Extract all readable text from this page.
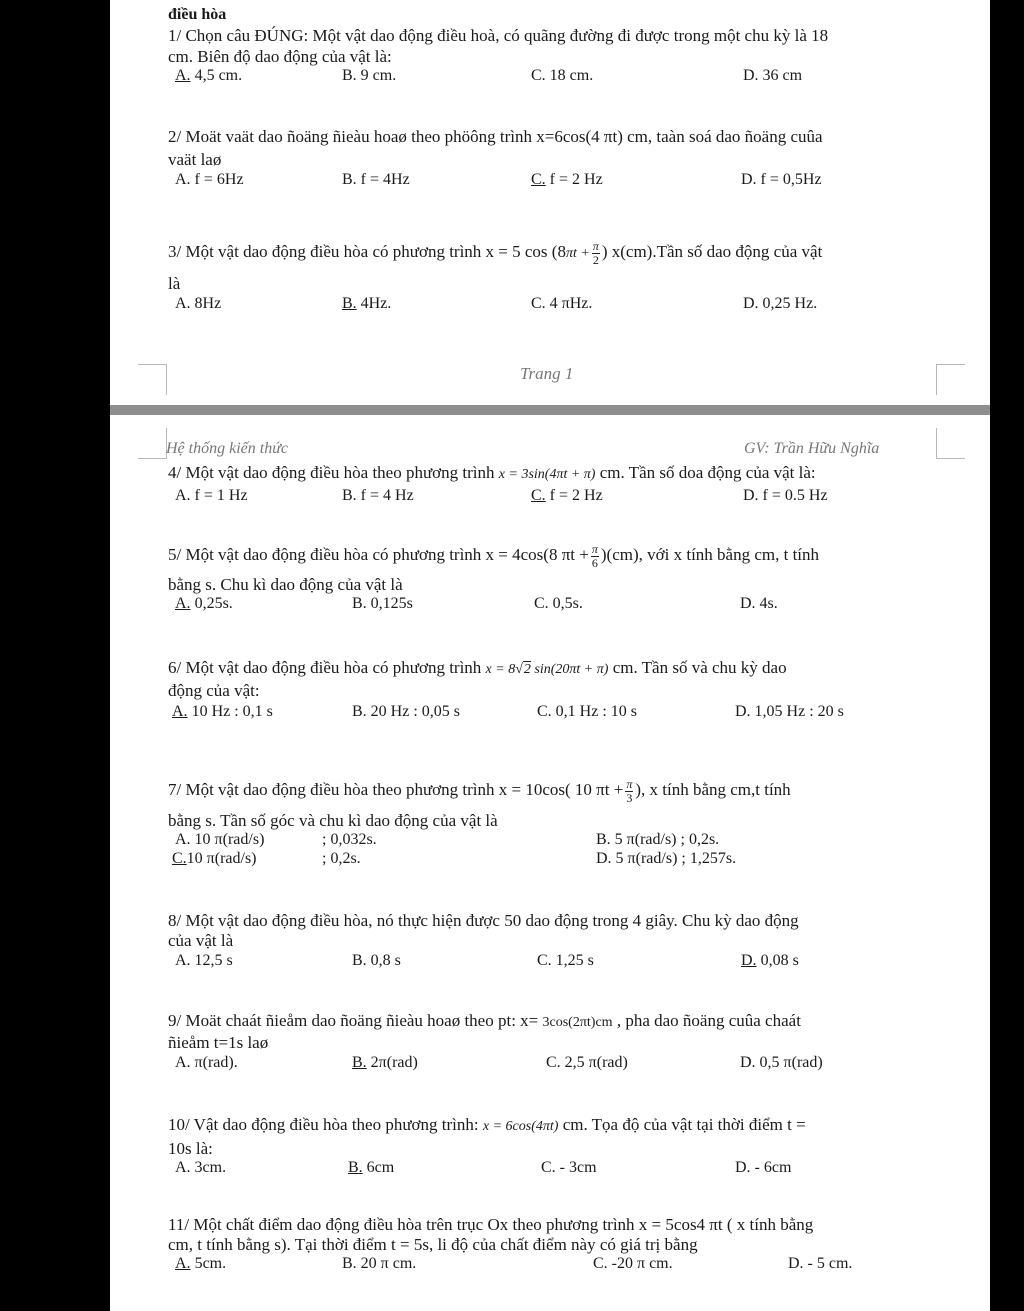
điều hòa
1/ Chọn câu ĐÚNG: Một vật dao động điều hoà, có quãng đường đi được trong một chu kỳ là 18
cm. Biên độ dao động của vật là:
A. 4,5 cm.	B. 9 cm.	C. 18 cm.	D. 36 cm
2/ Moät vaät dao ñoäng ñieàu hoaø theo phöông trình x=6cos(4 πt) cm, taàn soá dao ñoäng cuûa
vaät laø
A. f = 6Hz	B. f = 4Hz	C. f = 2 Hz	D. f = 0,5Hz
3/ Một vật dao động điều hòa có phương trình x = 5 $\cos (8\pi t + \frac{\pi}{2}$ ) x(cm).Tần số dao động của vật
là
A. 8Hz	B. 4Hz.	C. 4 πHz.	D. 0,25 Hz.
Trang 1
Hệ thống kiến thức	GV: Trần Hữu Nghĩa
4/ Một vật dao động điều hòa theo phương trình x = 3sin(4πt + π) cm. Tần số doa động của vật là:
A. f = 1 Hz	B. f = 4 Hz	C. f = 2 Hz	D. f = 0.5 Hz
5/ Một vật dao động điều hòa có phương trình x = 4cos(8 $\pi t + \frac{\pi}{6} )(cm)$, với x tính bằng cm, t tính
bằng s. Chu kì dao động của vật là
A. 0,25s.	B. 0,125s	C. 0,5s.	D. 4s.
6/ Một vật dao động điều hòa có phương trình x = 8√2 sin(20πt + π) cm. Tần số và chu kỳ dao
động của vật:
A. 10 Hz : 0,1 s	B. 20 Hz : 0,05 s	C. 0,1 Hz : 10 s	D. 1,05 Hz : 20 s
7/ Một vật dao động điều hòa theo phương trình x = 10cos( 10 $\pi t + \frac{\pi}{3}$ ), x tính bằng cm,t tính
bằng s. Tần số góc và chu kì dao động của vật là
A. 10 π(rad/s)	; 0,032s.	B. 5 π(rad/s) ; 0,2s.
C.10 π(rad/s)	; 0,2s.	D. 5 π(rad/s) ; 1,257s.
8/ Một vật dao động điều hòa, nó thực hiện được 50 dao động trong 4 giây. Chu kỳ dao động
của vật là
A. 12,5 s	B. 0,8 s	C. 1,25 s	D. 0,08 s
9/ Moät chaát ñieåm dao ñoäng ñieàu hoaø theo pt: x= 3cos(2πt)cm , pha dao ñoäng cuûa chaát
ñieåm t=1s laø
A. π(rad).	B. 2π(rad)	C. 2,5 π(rad)	D. 0,5 π(rad)
10/ Vật dao động điều hòa theo phương trình: x = 6cos(4πt) cm. Tọa độ của vật tại thời điểm t =
10s là:
A. 3cm.	B. 6cm	C. - 3cm	D. - 6cm
11/ Một chất điểm dao động điều hòa trên trục Ox theo phương trình x = 5cos4 πt ( x tính bằng
cm, t tính bằng s). Tại thời điểm t = 5s, li độ của chất điểm này có giá trị bằng
A. 5cm.	B. 20 π cm.	C. -20 π cm.	D. - 5 cm.
